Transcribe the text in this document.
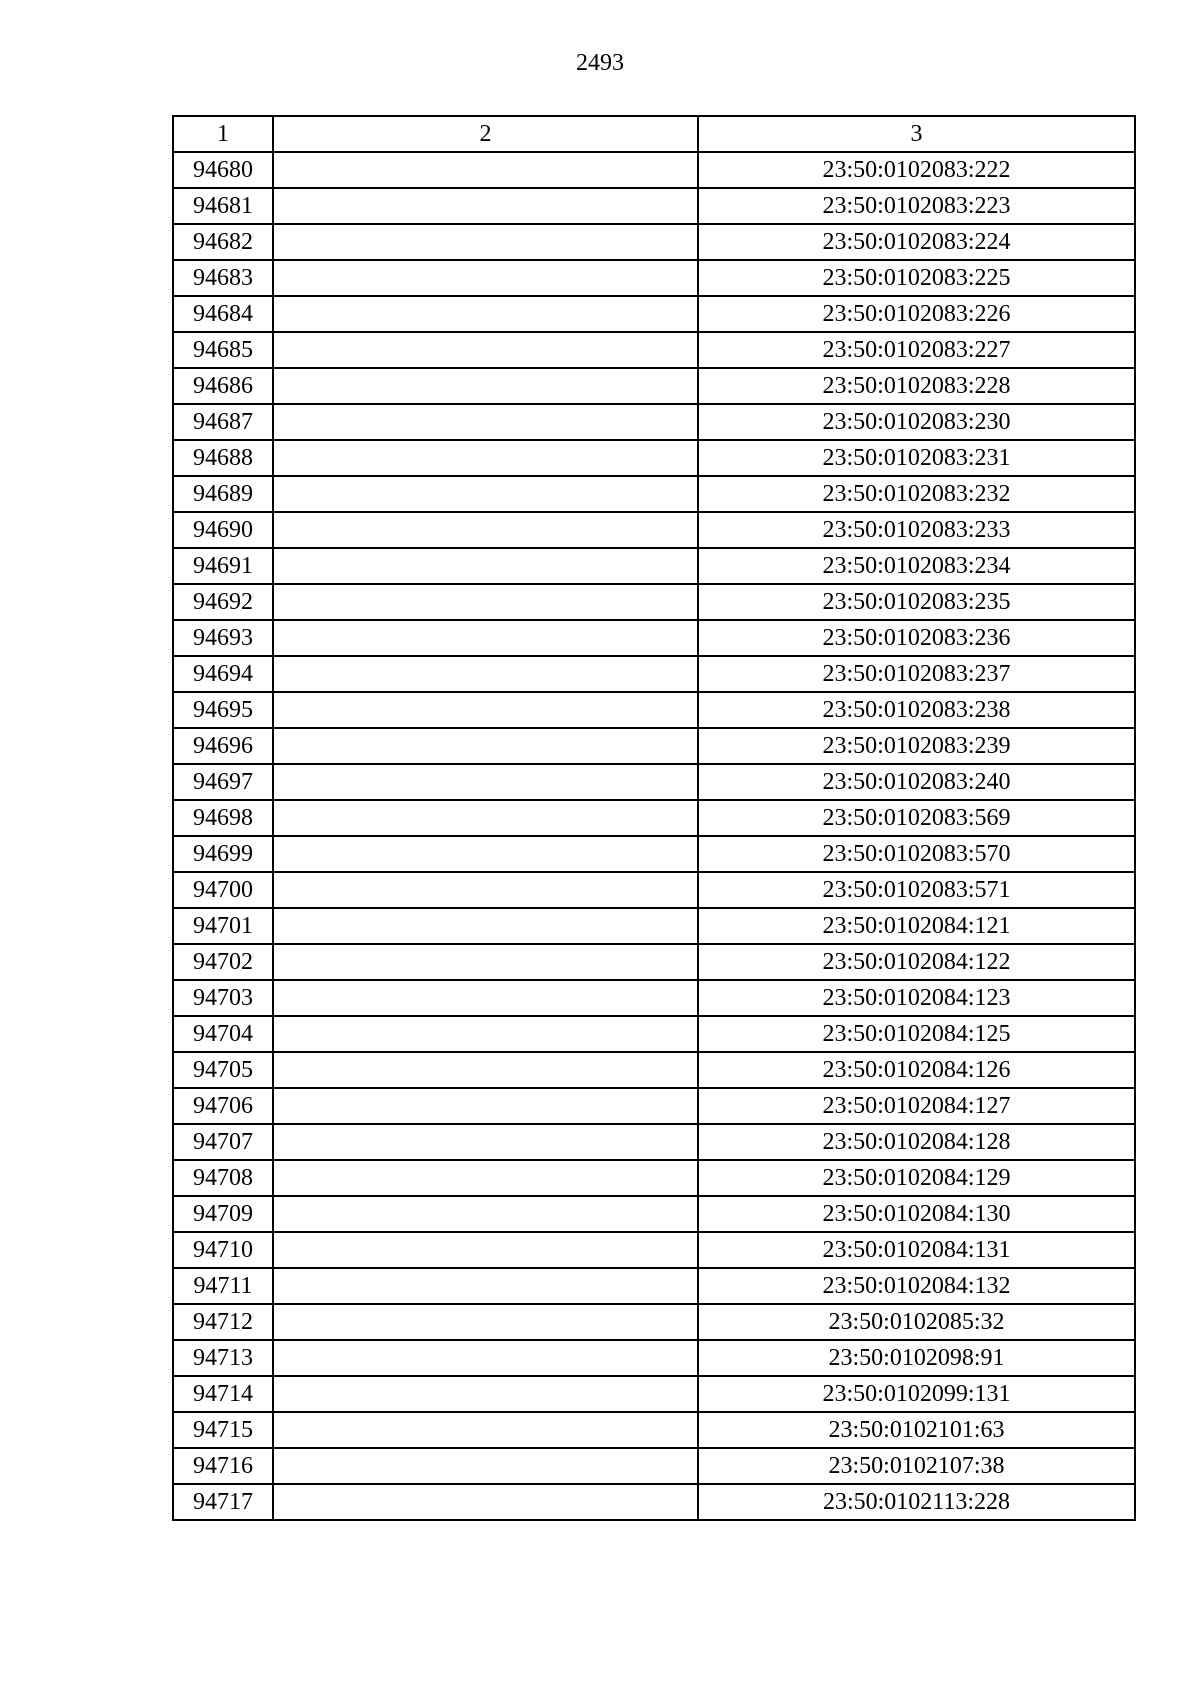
2493
1	2	3
94680		23:50:0102083:222
94681		23:50:0102083:223
94682		23:50:0102083:224
94683		23:50:0102083:225
94684		23:50:0102083:226
94685		23:50:0102083:227
94686		23:50:0102083:228
94687		23:50:0102083:230
94688		23:50:0102083:231
94689		23:50:0102083:232
94690		23:50:0102083:233
94691		23:50:0102083:234
94692		23:50:0102083:235
94693		23:50:0102083:236
94694		23:50:0102083:237
94695		23:50:0102083:238
94696		23:50:0102083:239
94697		23:50:0102083:240
94698		23:50:0102083:569
94699		23:50:0102083:570
94700		23:50:0102083:571
94701		23:50:0102084:121
94702		23:50:0102084:122
94703		23:50:0102084:123
94704		23:50:0102084:125
94705		23:50:0102084:126
94706		23:50:0102084:127
94707		23:50:0102084:128
94708		23:50:0102084:129
94709		23:50:0102084:130
94710		23:50:0102084:131
94711		23:50:0102084:132
94712		23:50:0102085:32
94713		23:50:0102098:91
94714		23:50:0102099:131
94715		23:50:0102101:63
94716		23:50:0102107:38
94717		23:50:0102113:228
